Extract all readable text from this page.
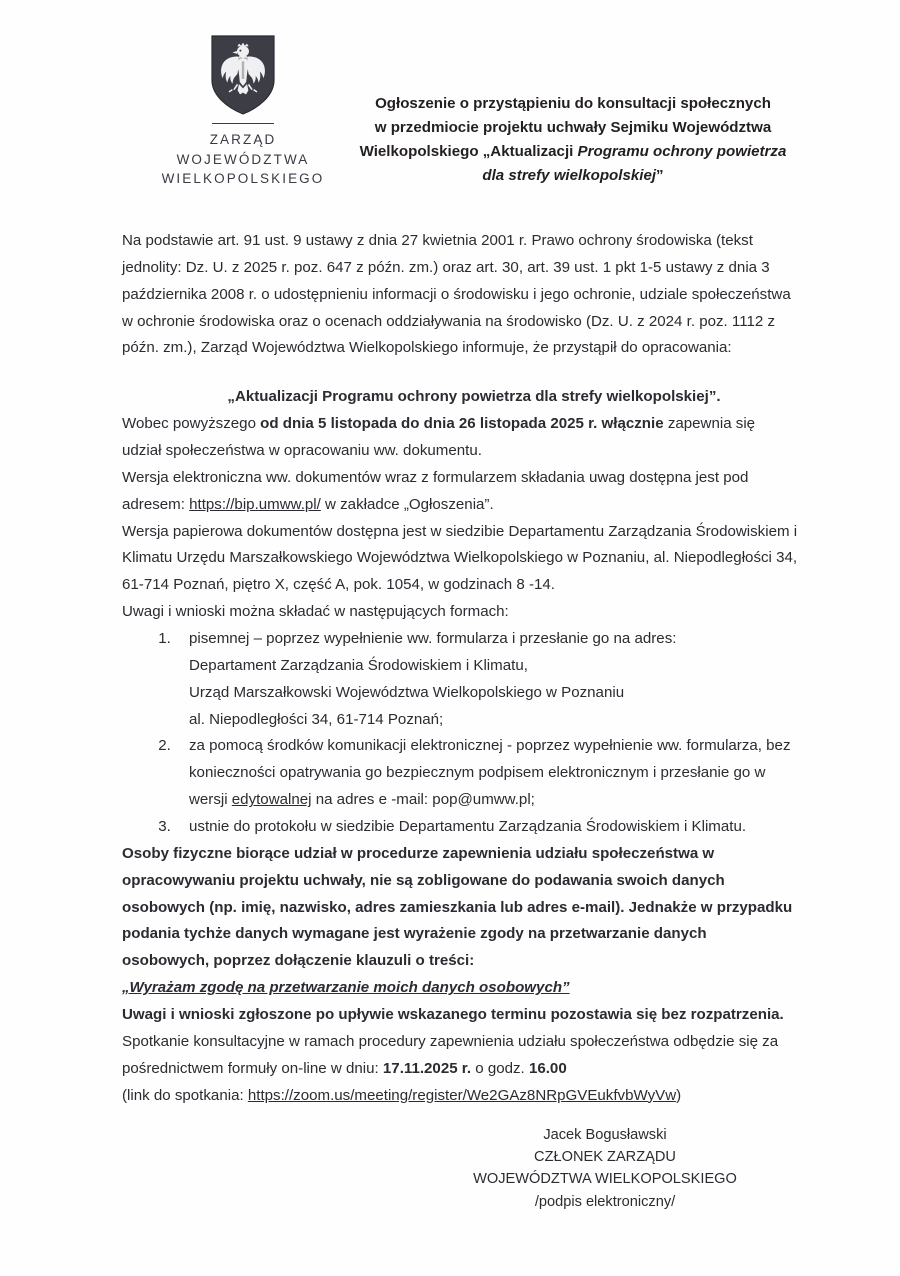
ZARZĄD
WOJEWÓDZTWA
WIELKOPOLSKIEGO
Ogłoszenie o przystąpieniu do konsultacji społecznych
w przedmiocie projektu uchwały Sejmiku Województwa
Wielkopolskiego „Aktualizacji Programu ochrony powietrza
dla strefy wielkopolskiej”

Na podstawie art. 91 ust. 9 ustawy z dnia 27 kwietnia 2001 r. Prawo ochrony środowiska (tekst jednolity: Dz. U. z 2025 r. poz. 647 z późn. zm.) oraz art. 30, art. 39 ust. 1 pkt 1-5 ustawy z dnia 3 października 2008 r. o udostępnieniu informacji o środowisku i jego ochronie, udziale społeczeństwa w ochronie środowiska oraz o ocenach oddziaływania na środowisko (Dz. U. z 2024 r. poz. 1112 z późn. zm.), Zarząd Województwa Wielkopolskiego informuje, że przystąpił do opracowania:

„Aktualizacji Programu ochrony powietrza dla strefy wielkopolskiej”.

Wobec powyższego od dnia 5 listopada do dnia 26 listopada 2025 r. włącznie zapewnia się udział społeczeństwa w opracowaniu ww. dokumentu.

Wersja elektroniczna ww. dokumentów wraz z formularzem składania uwag dostępna jest pod adresem: https://bip.umww.pl/ w zakładce „Ogłoszenia”.

Wersja papierowa dokumentów dostępna jest w siedzibie Departamentu Zarządzania Środowiskiem i Klimatu Urzędu Marszałkowskiego Województwa Wielkopolskiego w Poznaniu, al. Niepodległości 34, 61-714 Poznań, piętro X, część A, pok. 1054, w godzinach 8 -14.

Uwagi i wnioski można składać w następujących formach:

1. pisemnej – poprzez wypełnienie ww. formularza i przesłanie go na adres:
Departament Zarządzania Środowiskiem i Klimatu,
Urząd Marszałkowski Województwa Wielkopolskiego w Poznaniu
al. Niepodległości 34, 61-714 Poznań;
2. za pomocą środków komunikacji elektronicznej - poprzez wypełnienie ww. formularza, bez konieczności opatrywania go bezpiecznym podpisem elektronicznym i przesłanie go w wersji edytowalnej na adres e -mail: pop@umww.pl;
3. ustnie do protokołu w siedzibie Departamentu Zarządzania Środowiskiem i Klimatu.

Osoby fizyczne biorące udział w procedurze zapewnienia udziału społeczeństwa w opracowywaniu projektu uchwały, nie są zobligowane do podawania swoich danych osobowych (np. imię, nazwisko, adres zamieszkania lub adres e-mail). Jednakże w przypadku podania tychże danych wymagane jest wyrażenie zgody na przetwarzanie danych osobowych, poprzez dołączenie klauzuli o treści:

„Wyrażam zgodę na przetwarzanie moich danych osobowych”

Uwagi i wnioski zgłoszone po upływie wskazanego terminu pozostawia się bez rozpatrzenia.

Spotkanie konsultacyjne w ramach procedury zapewnienia udziału społeczeństwa odbędzie się za pośrednictwem formuły on-line w dniu: 17.11.2025 r. o godz. 16.00

(link do spotkania: https://zoom.us/meeting/register/We2GAz8NRpGVEukfvbWyVw)

Jacek Bogusławski
CZŁONEK ZARZĄDU
WOJEWÓDZTWA WIELKOPOLSKIEGO
/podpis elektroniczny/
